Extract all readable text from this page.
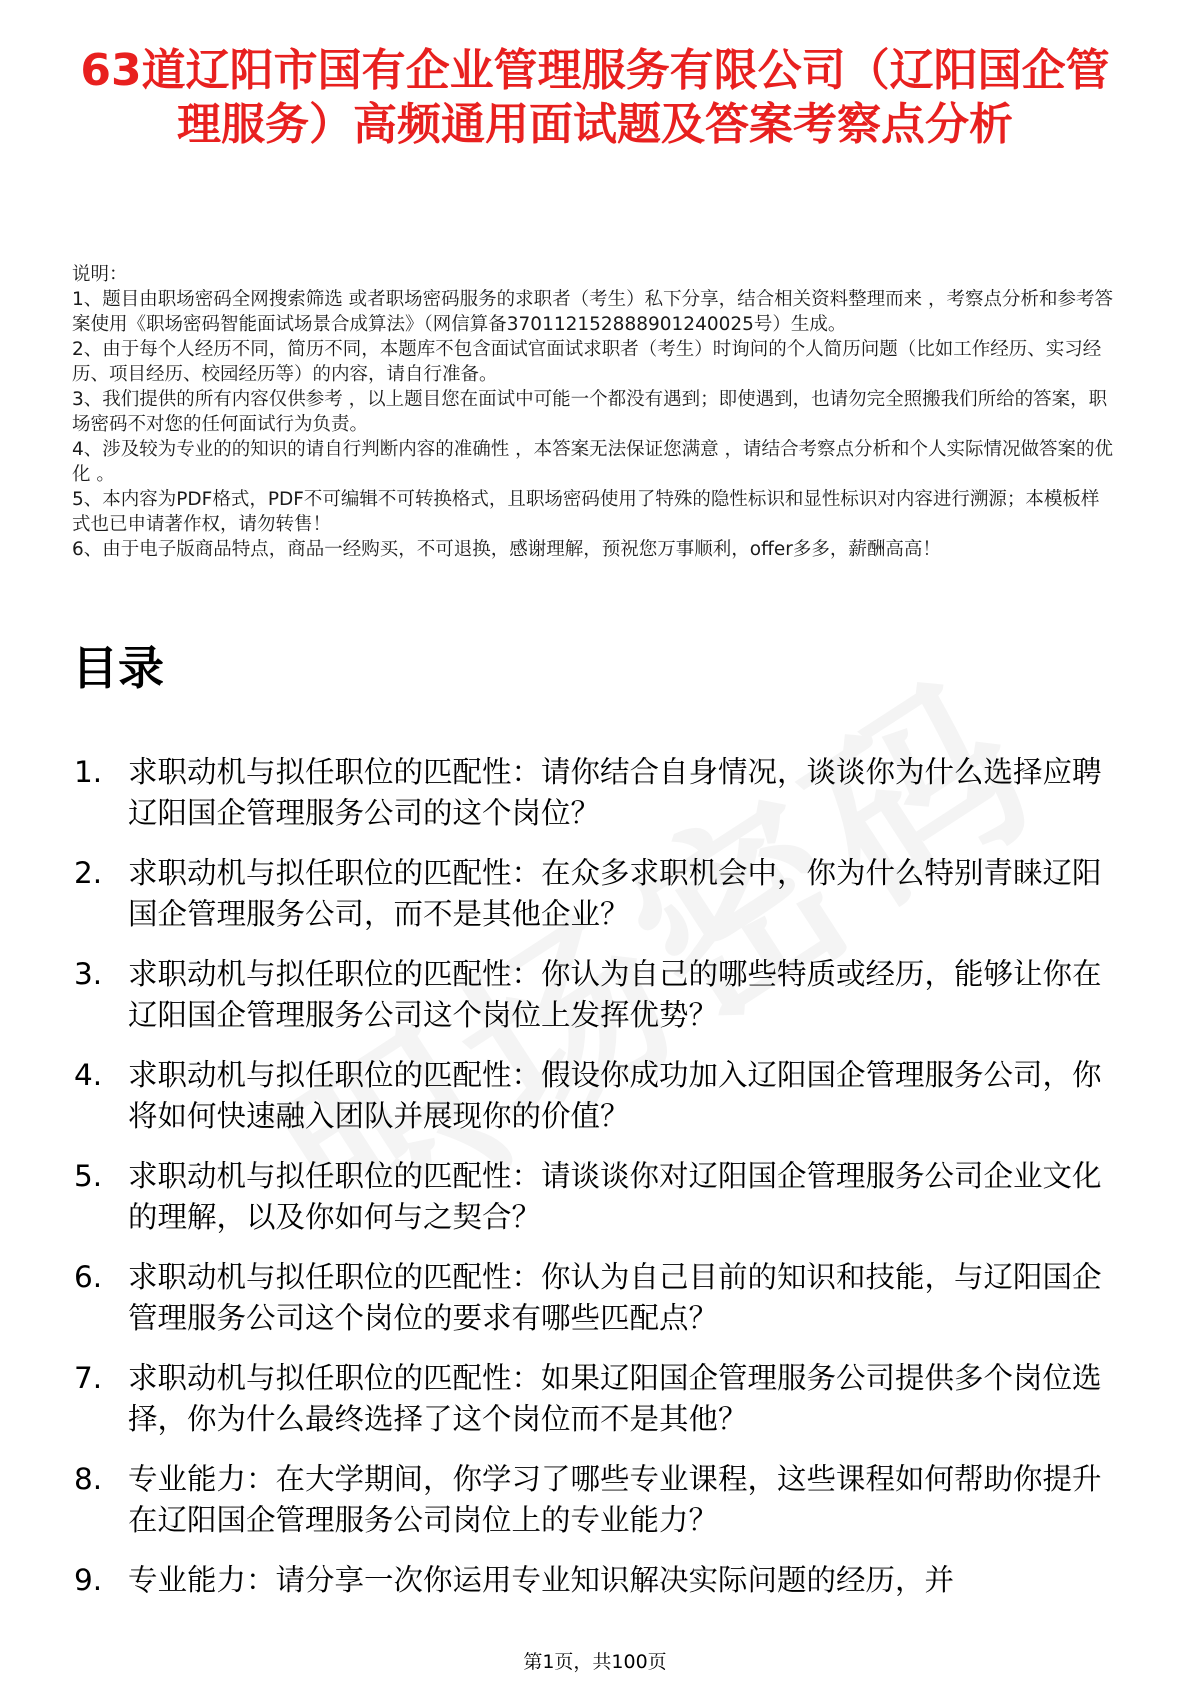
63道辽阳市国有企业管理服务有限公司（辽阳国企管理服务）高频通用面试题及答案考察点分析
说明：
1、题目由职场密码全网搜索筛选 或者职场密码服务的求职者（考生）私下分享，结合相关资料整理而来 ，考察点分析和参考答案使用《职场密码智能面试场景合成算法》（网信算备370112152888901240025号）生成。
2、由于每个人经历不同，简历不同，本题库不包含面试官面试求职者（考生）时询问的个人简历问题（比如工作经历、实习经历、项目经历、校园经历等）的内容，请自行准备。
3、我们提供的所有内容仅供参考 ，以上题目您在面试中可能一个都没有遇到；即使遇到，也请勿完全照搬我们所给的答案，职场密码不对您的任何面试行为负责。
4、涉及较为专业的的知识的请自行判断内容的准确性 ，本答案无法保证您满意 ，请结合考察点分析和个人实际情况做答案的优化 。
5、本内容为PDF格式，PDF不可编辑不可转换格式，且职场密码使用了特殊的隐性标识和显性标识对内容进行溯源；本模板样式也已申请著作权，请勿转售！
6、由于电子版商品特点，商品一经购买，不可退换，感谢理解，预祝您万事顺利，offer多多，薪酬高高！
目录
1. 求职动机与拟任职位的匹配性：请你结合自身情况，谈谈你为什么选择应聘辽阳国企管理服务公司的这个岗位？
2. 求职动机与拟任职位的匹配性：在众多求职机会中，你为什么特别青睐辽阳国企管理服务公司，而不是其他企业？
3. 求职动机与拟任职位的匹配性：你认为自己的哪些特质或经历，能够让你在辽阳国企管理服务公司这个岗位上发挥优势？
4. 求职动机与拟任职位的匹配性：假设你成功加入辽阳国企管理服务公司，你将如何快速融入团队并展现你的价值？
5. 求职动机与拟任职位的匹配性：请谈谈你对辽阳国企管理服务公司企业文化的理解，以及你如何与之契合？
6. 求职动机与拟任职位的匹配性：你认为自己目前的知识和技能，与辽阳国企管理服务公司这个岗位的要求有哪些匹配点？
7. 求职动机与拟任职位的匹配性：如果辽阳国企管理服务公司提供多个岗位选择，你为什么最终选择了这个岗位而不是其他？
8. 专业能力：在大学期间，你学习了哪些专业课程，这些课程如何帮助你提升在辽阳国企管理服务公司岗位上的专业能力？
9. 专业能力：请分享一次你运用专业知识解决实际问题的经历，并
第1页，共100页
